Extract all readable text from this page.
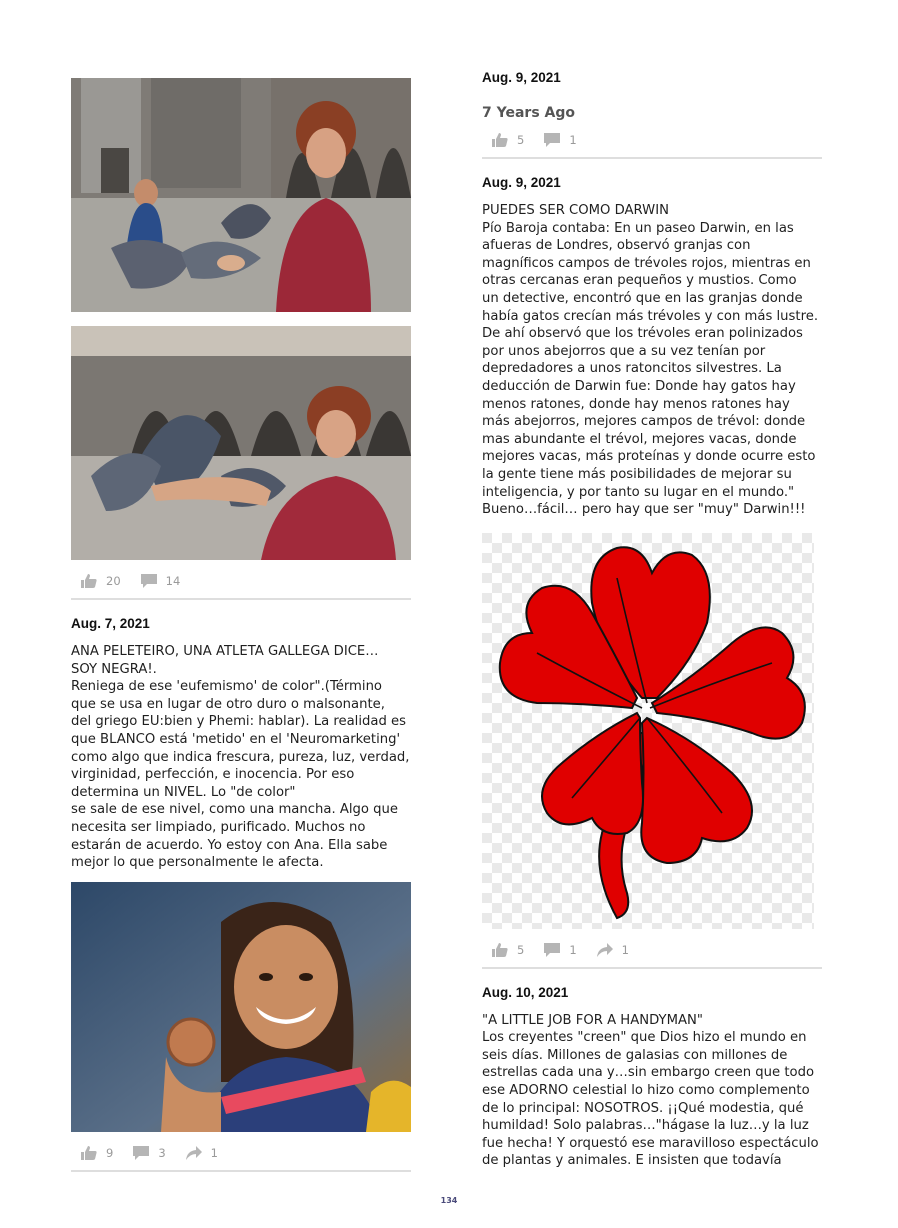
20	14
Aug. 7, 2021
ANA PELETEIRO, UNA ATLETA GALLEGA DICE…
SOY NEGRA!.
Reniega de ese 'eufemismo' de color".(Término
que se usa en lugar de otro duro o malsonante,
del griego EU:bien y Phemi: hablar). La realidad es
que BLANCO está 'metido' en el 'Neuromarketing'
como algo que indica frescura, pureza, luz, verdad,
virginidad, perfección, e inocencia. Por eso
determina un NIVEL. Lo "de color"
se sale de ese nivel, como una mancha. Algo que
necesita ser limpiado, purificado. Muchos no
estarán de acuerdo. Yo estoy con Ana. Ella sabe
mejor lo que personalmente le afecta.
9	3	1
Aug. 9, 2021
7 Years Ago
5	1
Aug. 9, 2021
PUEDES SER COMO DARWIN
Pío Baroja contaba: En un paseo Darwin, en las
afueras de Londres, observó granjas con
magníficos campos de trévoles rojos, mientras en
otras cercanas eran pequeños y mustios. Como
un detective, encontró que en las granjas donde
había gatos crecían más trévoles y con más lustre.
De ahí observó que los trévoles eran polinizados
por unos abejorros que a su vez tenían por
depredadores a unos ratoncitos silvestres. La
deducción de Darwin fue: Donde hay gatos hay
menos ratones, donde hay menos ratones hay
más abejorros, mejores campos de trévol: donde
mas abundante el trévol, mejores vacas, donde
mejores vacas, más proteínas y donde ocurre esto
la gente tiene más posibilidades de mejorar su
inteligencia, y por tanto su lugar en el mundo."
Bueno…fácil… pero hay que ser "muy" Darwin!!!
5	1	1
Aug. 10, 2021
"A LITTLE JOB FOR A HANDYMAN"
Los creyentes "creen" que Dios hizo el mundo en
seis días. Millones de galasias con millones de
estrellas cada una y…sin embargo creen que todo
ese ADORNO celestial lo hizo como complemento
de lo principal: NOSOTROS. ¡¡Qué modestia, qué
humildad! Solo palabras…"hágase la luz…y la luz
fue hecha! Y orquestó ese maravilloso espectáculo
de plantas y animales. E insisten que todavía
134
